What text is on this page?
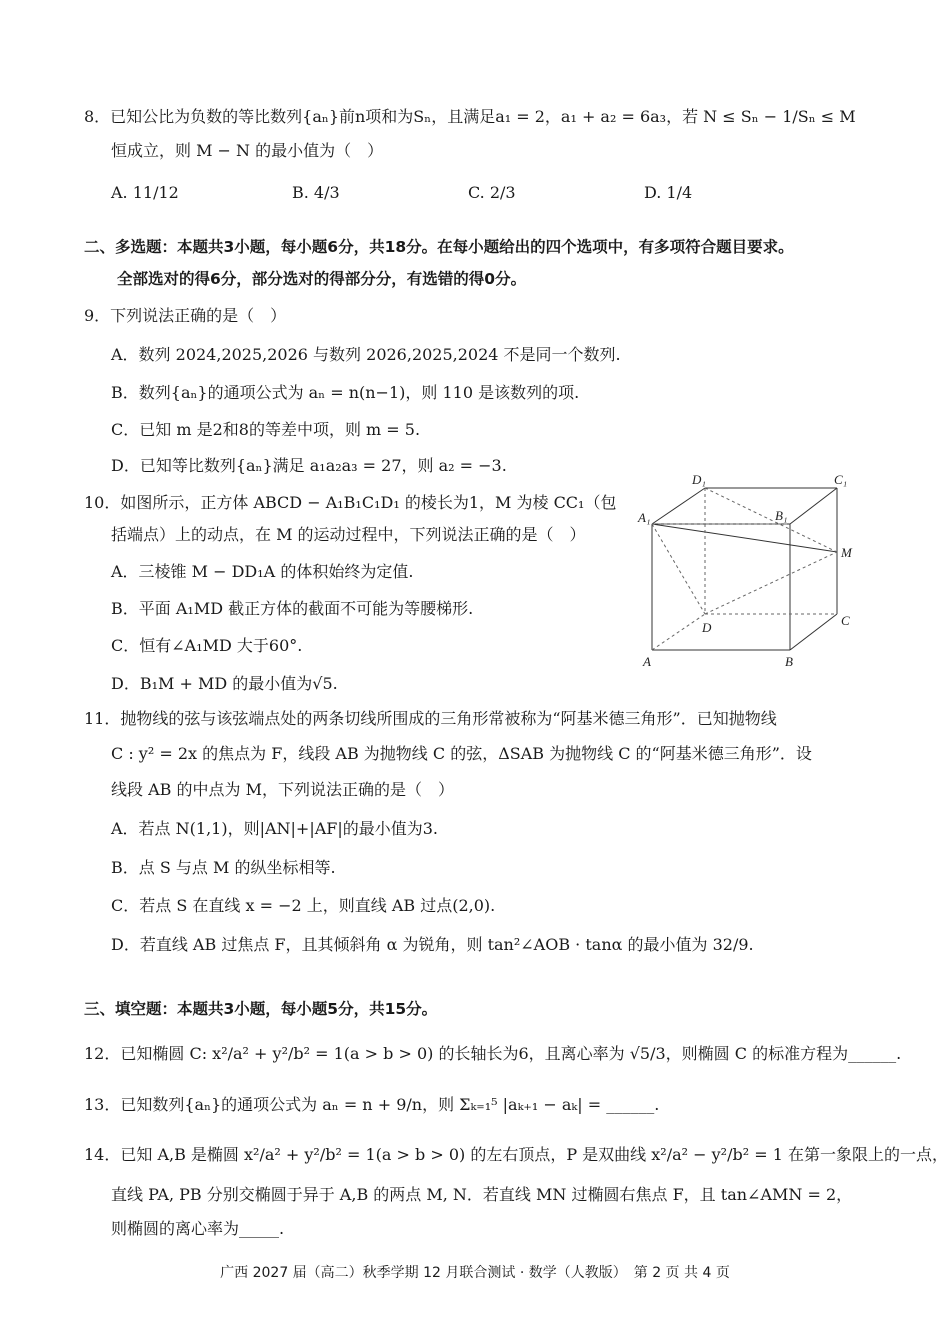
8．已知公比为负数的等比数列{aₙ}前n项和为Sₙ，且满足a₁ = 2，a₁ + a₂ = 6a₃，若 N ≤ Sₙ − 1/Sₙ ≤ M
恒成立，则 M − N 的最小值为（　）
A. 11/12	B. 4/3	C. 2/3	D. 1/4
二、多选题：本题共3小题，每小题6分，共18分。在每小题给出的四个选项中，有多项符合题目要求。
全部选对的得6分，部分选对的得部分分，有选错的得0分。
9．下列说法正确的是（　）
A．数列 2024,2025,2026 与数列 2026,2025,2024 不是同一个数列.
B．数列{aₙ}的通项公式为 aₙ = n(n−1)，则 110 是该数列的项.
C．已知 m 是2和8的等差中项，则 m = 5.
D．已知等比数列{aₙ}满足 a₁a₂a₃ = 27，则 a₂ = −3.
10．如图所示，正方体 ABCD − A₁B₁C₁D₁ 的棱长为1，M 为棱 CC₁（包
括端点）上的动点，在 M 的运动过程中，下列说法正确的是（　）
A．三棱锥 M − DD₁A 的体积始终为定值.
B．平面 A₁MD 截正方体的截面不可能为等腰梯形.
C．恒有∠A₁MD 大于60°.
D．B₁M + MD 的最小值为√5.
D₁	C₁
A₁	B₁
M
D	C
A	B
11．抛物线的弦与该弦端点处的两条切线所围成的三角形常被称为“阿基米德三角形”．已知抛物线
C : y² = 2x 的焦点为 F，线段 AB 为抛物线 C 的弦，ΔSAB 为抛物线 C 的“阿基米德三角形”．设
线段 AB 的中点为 M，下列说法正确的是（　）
A．若点 N(1,1)，则|AN|+|AF|的最小值为3.
B．点 S 与点 M 的纵坐标相等.
C．若点 S 在直线 x = −2 上，则直线 AB 过点(2,0).
D．若直线 AB 过焦点 F，且其倾斜角 α 为锐角，则 tan²∠AOB · tanα 的最小值为 32/9.
三、填空题：本题共3小题，每小题5分，共15分。
12．已知椭圆 C: x²/a² + y²/b² = 1(a > b > 0) 的长轴长为6，且离心率为 √5/3，则椭圆 C 的标准方程为______.
13．已知数列{aₙ}的通项公式为 aₙ = n + 9/n，则 Σₖ₌₁⁵ |aₖ₊₁ − aₖ| = ______.
14．已知 A,B 是椭圆 x²/a² + y²/b² = 1(a > b > 0) 的左右顶点，P 是双曲线 x²/a² − y²/b² = 1 在第一象限上的一点，
直线 PA, PB 分别交椭圆于异于 A,B 的两点 M, N．若直线 MN 过椭圆右焦点 F，且 tan∠AMN = 2，
则椭圆的离心率为_____.
广西 2027 届（高二）秋季学期 12 月联合测试 · 数学（人教版）　第 2 页 共 4 页
